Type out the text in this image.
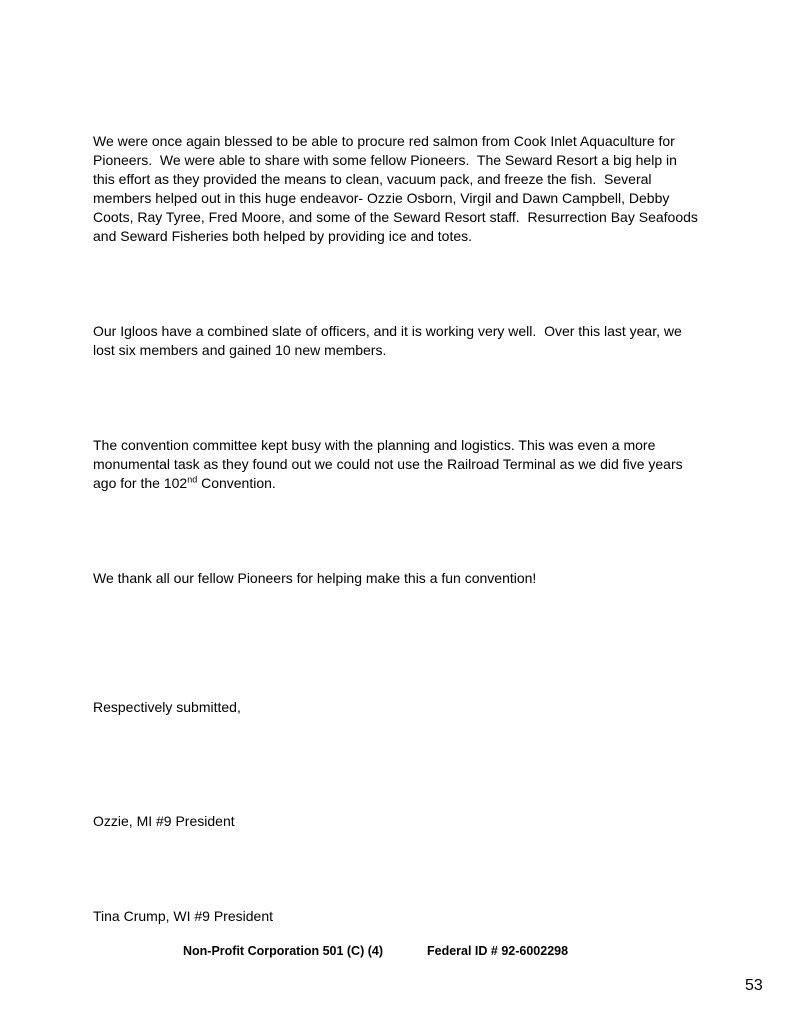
We were once again blessed to be able to procure red salmon from Cook Inlet Aquaculture for Pioneers.  We were able to share with some fellow Pioneers.  The Seward Resort a big help in this effort as they provided the means to clean, vacuum pack, and freeze the fish.  Several members helped out in this huge endeavor- Ozzie Osborn, Virgil and Dawn Campbell, Debby Coots, Ray Tyree, Fred Moore, and some of the Seward Resort staff.  Resurrection Bay Seafoods and Seward Fisheries both helped by providing ice and totes.

Our Igloos have a combined slate of officers, and it is working very well.  Over this last year, we lost six members and gained 10 new members.

The convention committee kept busy with the planning and logistics. This was even a more monumental task as they found out we could not use the Railroad Terminal as we did five years ago for the 102nd Convention.

We thank all our fellow Pioneers for helping make this a fun convention!

Respectively submitted,

Ozzie, MI #9 President

Tina Crump, WI #9 President

Non-Profit Corporation 501 (C) (4)	Federal ID # 92-6002298
53
